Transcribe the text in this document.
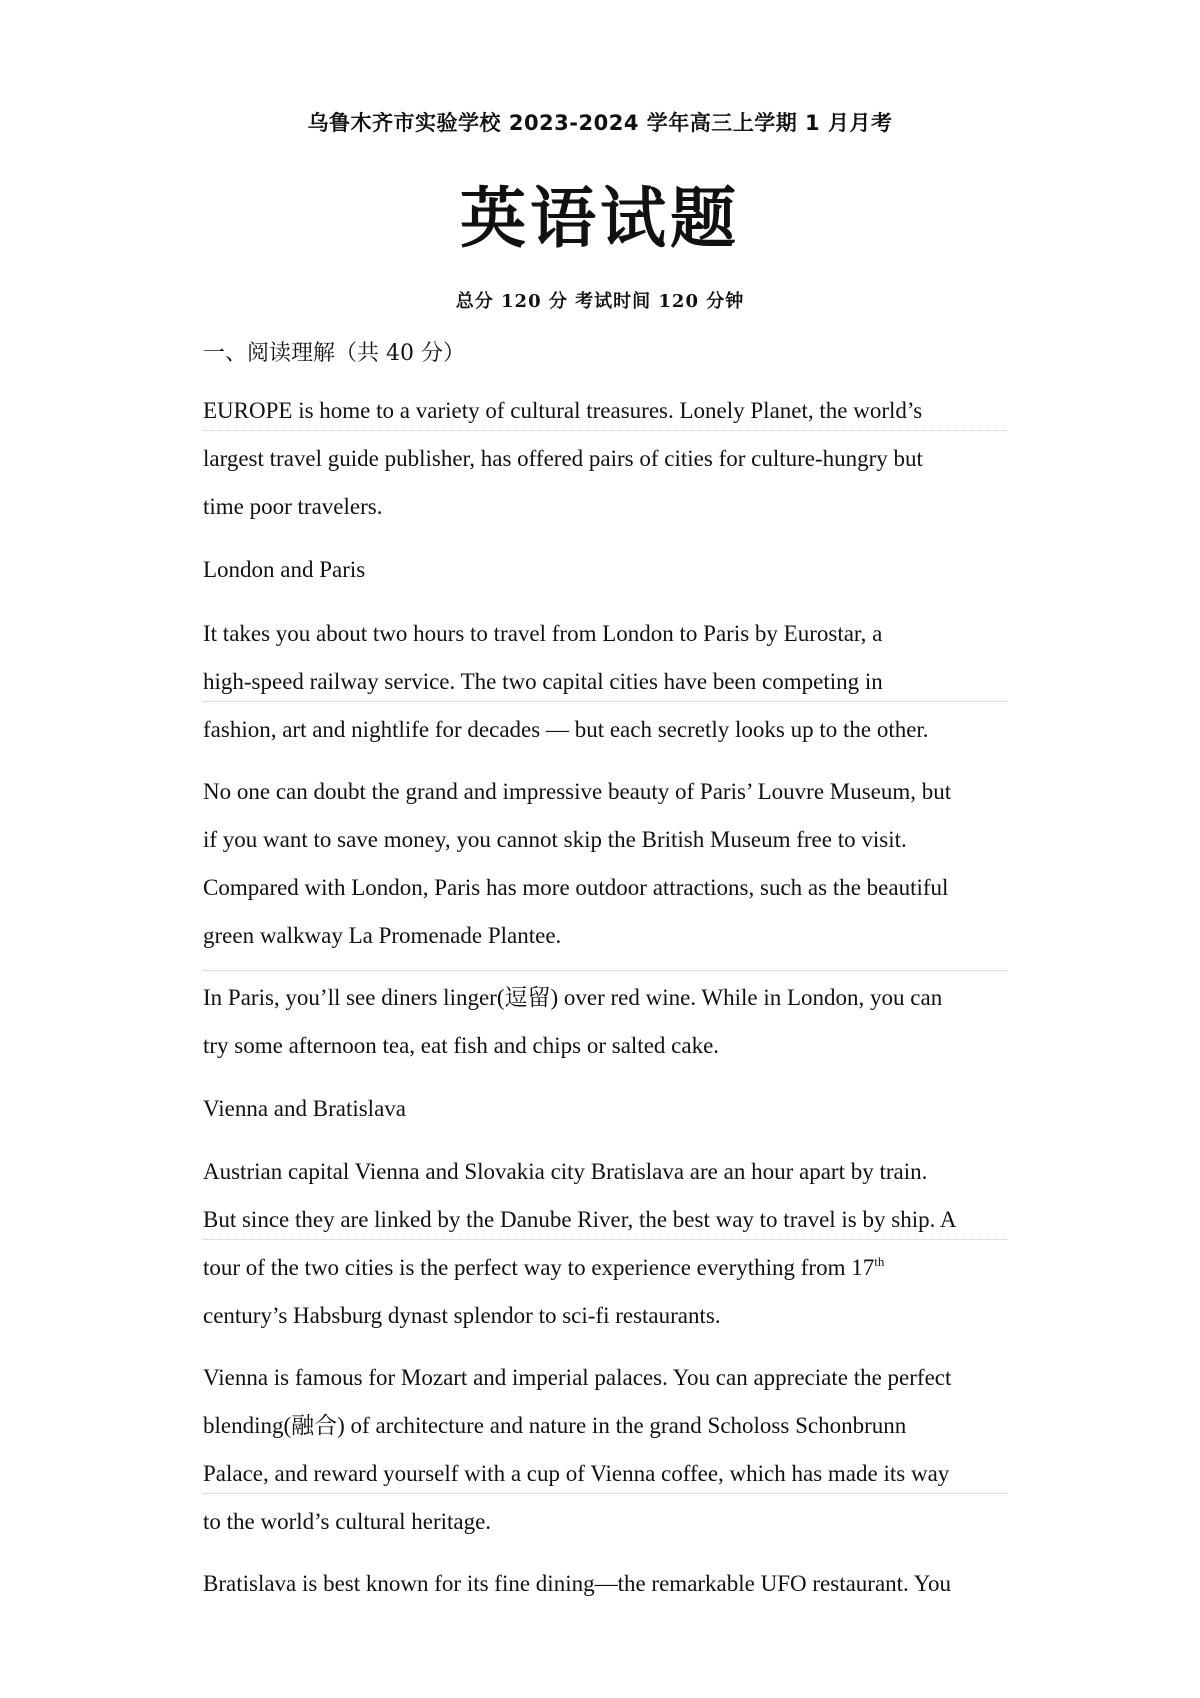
乌鲁木齐市实验学校 2023-2024 学年高三上学期 1 月月考
英语试题
总分 120 分 考试时间 120 分钟
一、阅读理解（共 40 分）
EUROPE is home to a variety of cultural treasures. Lonely Planet, the world’s
largest travel guide publisher, has offered pairs of cities for culture-hungry but
time poor travelers.
London and Paris
It takes you about two hours to travel from London to Paris by Eurostar, a
high-speed railway service. The two capital cities have been competing in
fashion, art and nightlife for decades — but each secretly looks up to the other.
No one can doubt the grand and impressive beauty of Paris’ Louvre Museum, but
if you want to save money, you cannot skip the British Museum free to visit.
Compared with London, Paris has more outdoor attractions, such as the beautiful
green walkway La Promenade Plantee.
In Paris, you’ll see diners linger(逗留) over red wine. While in London, you can
try some afternoon tea, eat fish and chips or salted cake.
Vienna and Bratislava
Austrian capital Vienna and Slovakia city Bratislava are an hour apart by train.
But since they are linked by the Danube River, the best way to travel is by ship. A
tour of the two cities is the perfect way to experience everything from 17th
century’s Habsburg dynast splendor to sci-fi restaurants.
Vienna is famous for Mozart and imperial palaces. You can appreciate the perfect
blending(融合) of architecture and nature in the grand Scholoss Schonbrunn
Palace, and reward yourself with a cup of Vienna coffee, which has made its way
to the world’s cultural heritage.
Bratislava is best known for its fine dining—the remarkable UFO restaurant. You
